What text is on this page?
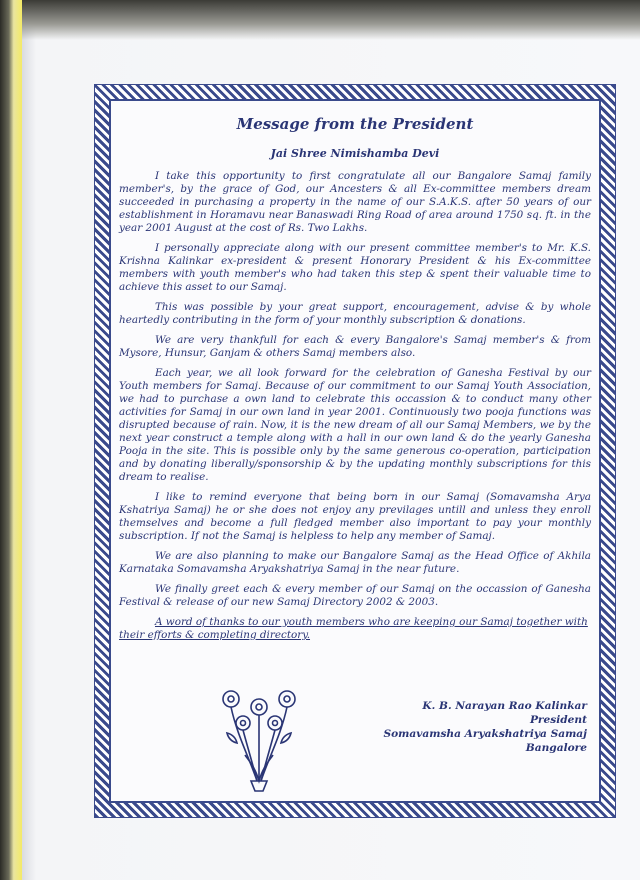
Message from the President
Jai Shree Nimishamba Devi

I take this opportunity to first congratulate all our Bangalore Samaj family member's, by the grace of God, our Ancesters & all Ex-committee members dream succeeded in purchasing a property in the name of our S.A.K.S. after 50 years of our establishment in Horamavu near Banaswadi Ring Road of area around 1750 sq. ft. in the year 2001 August at the cost of Rs. Two Lakhs.

I personally appreciate along with our present committee member's to Mr. K.S. Krishna Kalinkar ex-president & present Honorary President & his Ex-committee members with youth member's who had taken this step & spent their valuable time to achieve this asset to our Samaj.

This was possible by your great support, encouragement, advise & by whole heartedly contributing in the form of your monthly subscription & donations.

We are very thankfull for each & every Bangalore's Samaj member's & from Mysore, Hunsur, Ganjam & others Samaj members also.

Each year, we all look forward for the celebration of Ganesha Festival by our Youth members for Samaj. Because of our commitment to our Samaj Youth Association, we had to purchase a own land to celebrate this occassion & to conduct many other activities for Samaj in our own land in year 2001. Continuously two pooja functions was disrupted because of rain. Now, it is the new dream of all our Samaj Members, we by the next year construct a temple along with a hall in our own land & do the yearly Ganesha Pooja in the site. This is possible only by the same generous co-operation, participation and by donating liberally/sponsorship & by the updating monthly subscriptions for this dream to realise.

I like to remind everyone that being born in our Samaj (Somavamsha Arya Kshatriya Samaj) he or she does not enjoy any previlages untill and unless they enroll themselves and become a full fledged member also important to pay your monthly subscription. If not the Samaj is helpless to help any member of Samaj.

We are also planning to make our Bangalore Samaj as the Head Office of Akhila Karnataka Somavamsha Aryakshatriya Samaj in the near future.

We finally greet each & every member of our Samaj on the occassion of Ganesha Festival & release of our new Samaj Directory 2002 & 2003.

A word of thanks to our youth members who are keeping our Samaj together with their efforts & completing directory.

K. B. Narayan Rao Kalinkar
President
Somavamsha Aryakshatriya Samaj
Bangalore
